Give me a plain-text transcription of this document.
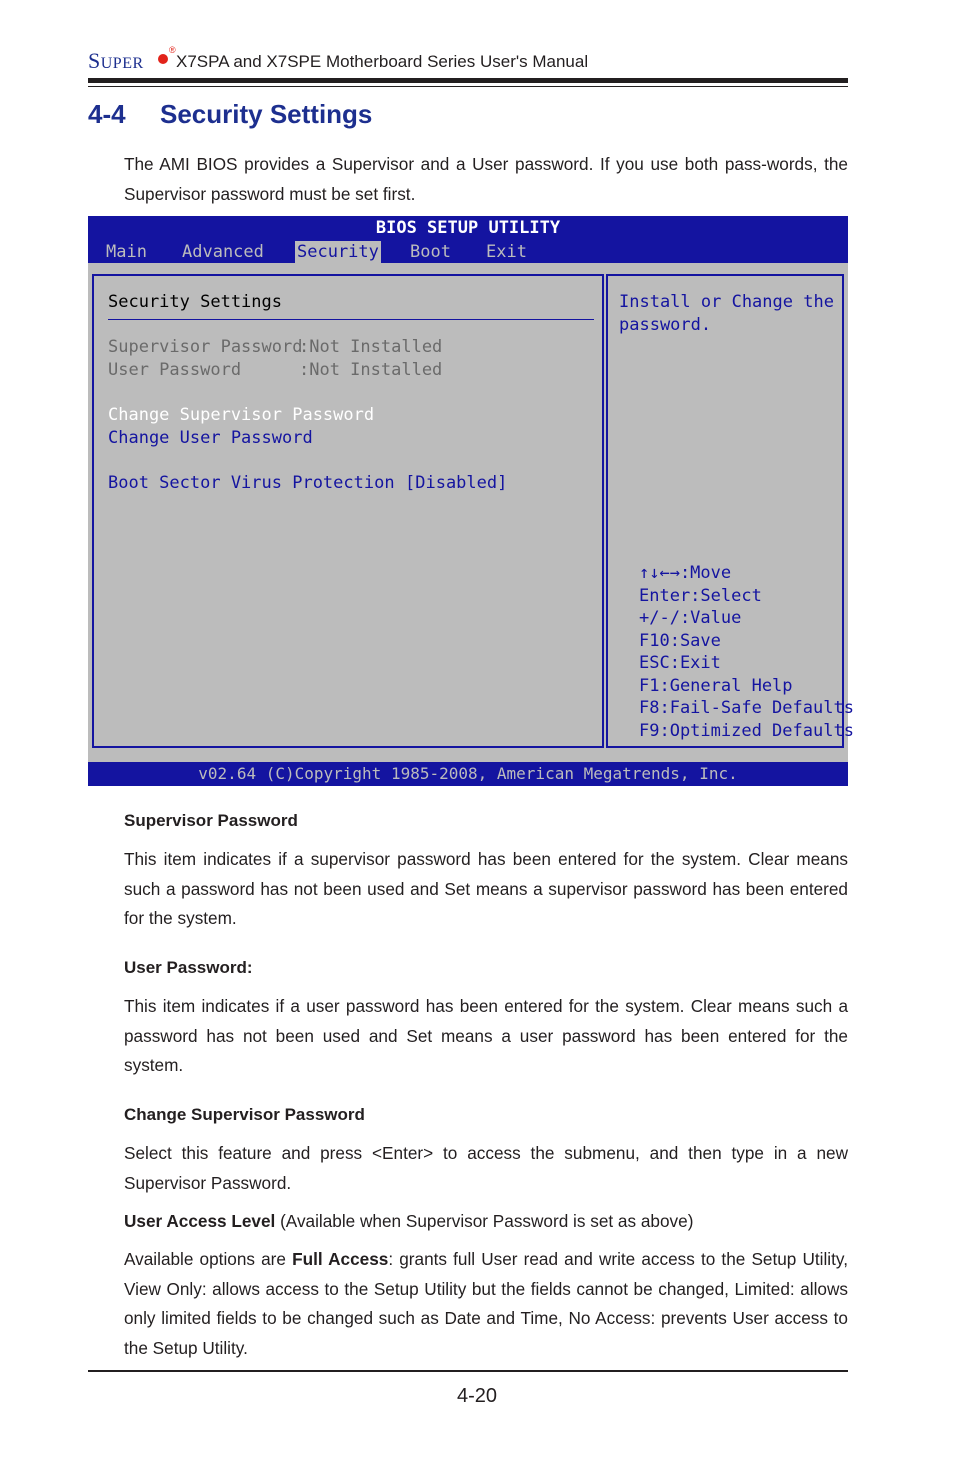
SUPER
®
X7SPA and X7SPE Motherboard Series User's Manual
4-4 Security Settings
The AMI BIOS provides a Supervisor and a User password. If you use both pass-words, the Supervisor password must be set first.
BIOS SETUP UTILITY
Main Advanced Security Boot Exit
Security Settings
Supervisor Password
:Not Installed
User Password	:Not Installed
Change Supervisor Password
Change User Password
Boot Sector Virus Protection [Disabled]
Install or Change the
password.
↑↓←→:Move
Enter:Select
+/-/:Value
F10:Save
ESC:Exit
F1:General Help
F8:Fail-Safe Defaults
F9:Optimized Defaults
v02.64 (C)Copyright 1985-2008, American Megatrends, Inc.
Supervisor Password
This item indicates if a supervisor password has been entered for the system. Clear means such a password has not been used and Set means a supervisor password has been entered for the system.
User Password:
This item indicates if a user password has been entered for the system. Clear means such a password has not been used and Set means a user password has been entered for the system.
Change Supervisor Password
Select this feature and press <Enter> to access the submenu, and then type in a new Supervisor Password.
User Access Level (Available when Supervisor Password is set as above)
Available options are Full Access: grants full User read and write access to the Setup Utility, View Only: allows access to the Setup Utility but the fields cannot be changed, Limited: allows only limited fields to be changed such as Date and Time, No Access: prevents User access to the Setup Utility.
4-20
